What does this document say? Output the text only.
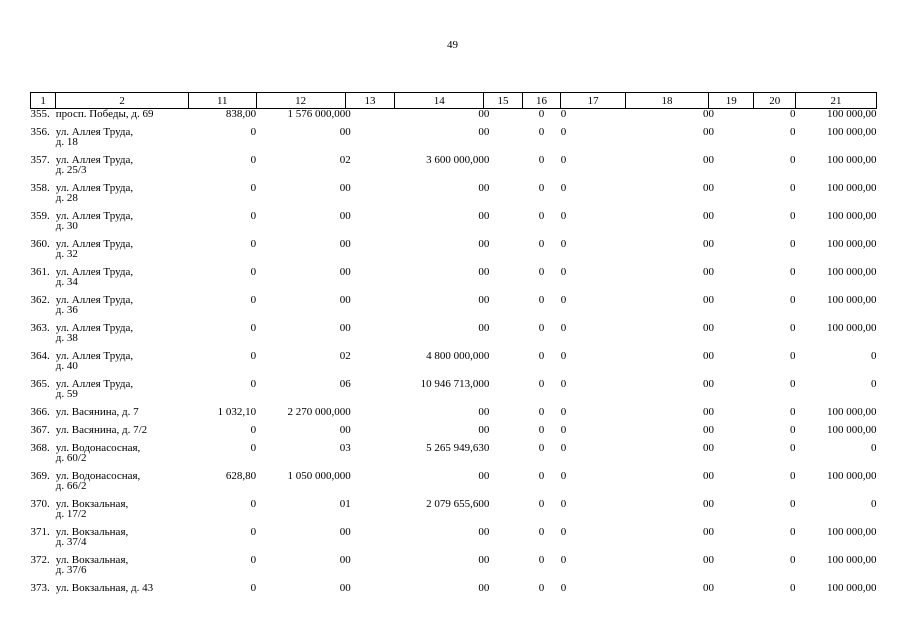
49
1	2	11	12	13	14	15	16	17	18	19	20	21
355.	просп. Победы, д. 69	838,00	1 576 000,00	0	0	0	0	0	0	0	0	100 000,00
356.	ул. Аллея Труда,
д. 18	0	0	0	0	0	0	0	0	0	0	100 000,00
357.	ул. Аллея Труда,
д. 25/3	0	0	2	3 600 000,00	0	0	0	0	0	0	100 000,00
358.	ул. Аллея Труда,
д. 28	0	0	0	0	0	0	0	0	0	0	100 000,00
359.	ул. Аллея Труда,
д. 30	0	0	0	0	0	0	0	0	0	0	100 000,00
360.	ул. Аллея Труда,
д. 32	0	0	0	0	0	0	0	0	0	0	100 000,00
361.	ул. Аллея Труда,
д. 34	0	0	0	0	0	0	0	0	0	0	100 000,00
362.	ул. Аллея Труда,
д. 36	0	0	0	0	0	0	0	0	0	0	100 000,00
363.	ул. Аллея Труда,
д. 38	0	0	0	0	0	0	0	0	0	0	100 000,00
364.	ул. Аллея Труда,
д. 40	0	0	2	4 800 000,00	0	0	0	0	0	0	0
365.	ул. Аллея Труда,
д. 59	0	0	6	10 946 713,00	0	0	0	0	0	0	0
366.	ул. Васянина, д. 7	1 032,10	2 270 000,00	0	0	0	0	0	0	0	0	100 000,00
367.	ул. Васянина, д. 7/2	0	0	0	0	0	0	0	0	0	0	100 000,00
368.	ул. Водонасосная,
д. 60/2	0	0	3	5 265 949,63	0	0	0	0	0	0	0
369.	ул. Водонасосная,
д. 66/2	628,80	1 050 000,00	0	0	0	0	0	0	0	0	100 000,00
370.	ул. Вокзальная,
д. 17/2	0	0	1	2 079 655,60	0	0	0	0	0	0	0
371.	ул. Вокзальная,
д. 37/4	0	0	0	0	0	0	0	0	0	0	100 000,00
372.	ул. Вокзальная,
д. 37/6	0	0	0	0	0	0	0	0	0	0	100 000,00
373.	ул. Вокзальная, д. 43	0	0	0	0	0	0	0	0	0	0	100 000,00
